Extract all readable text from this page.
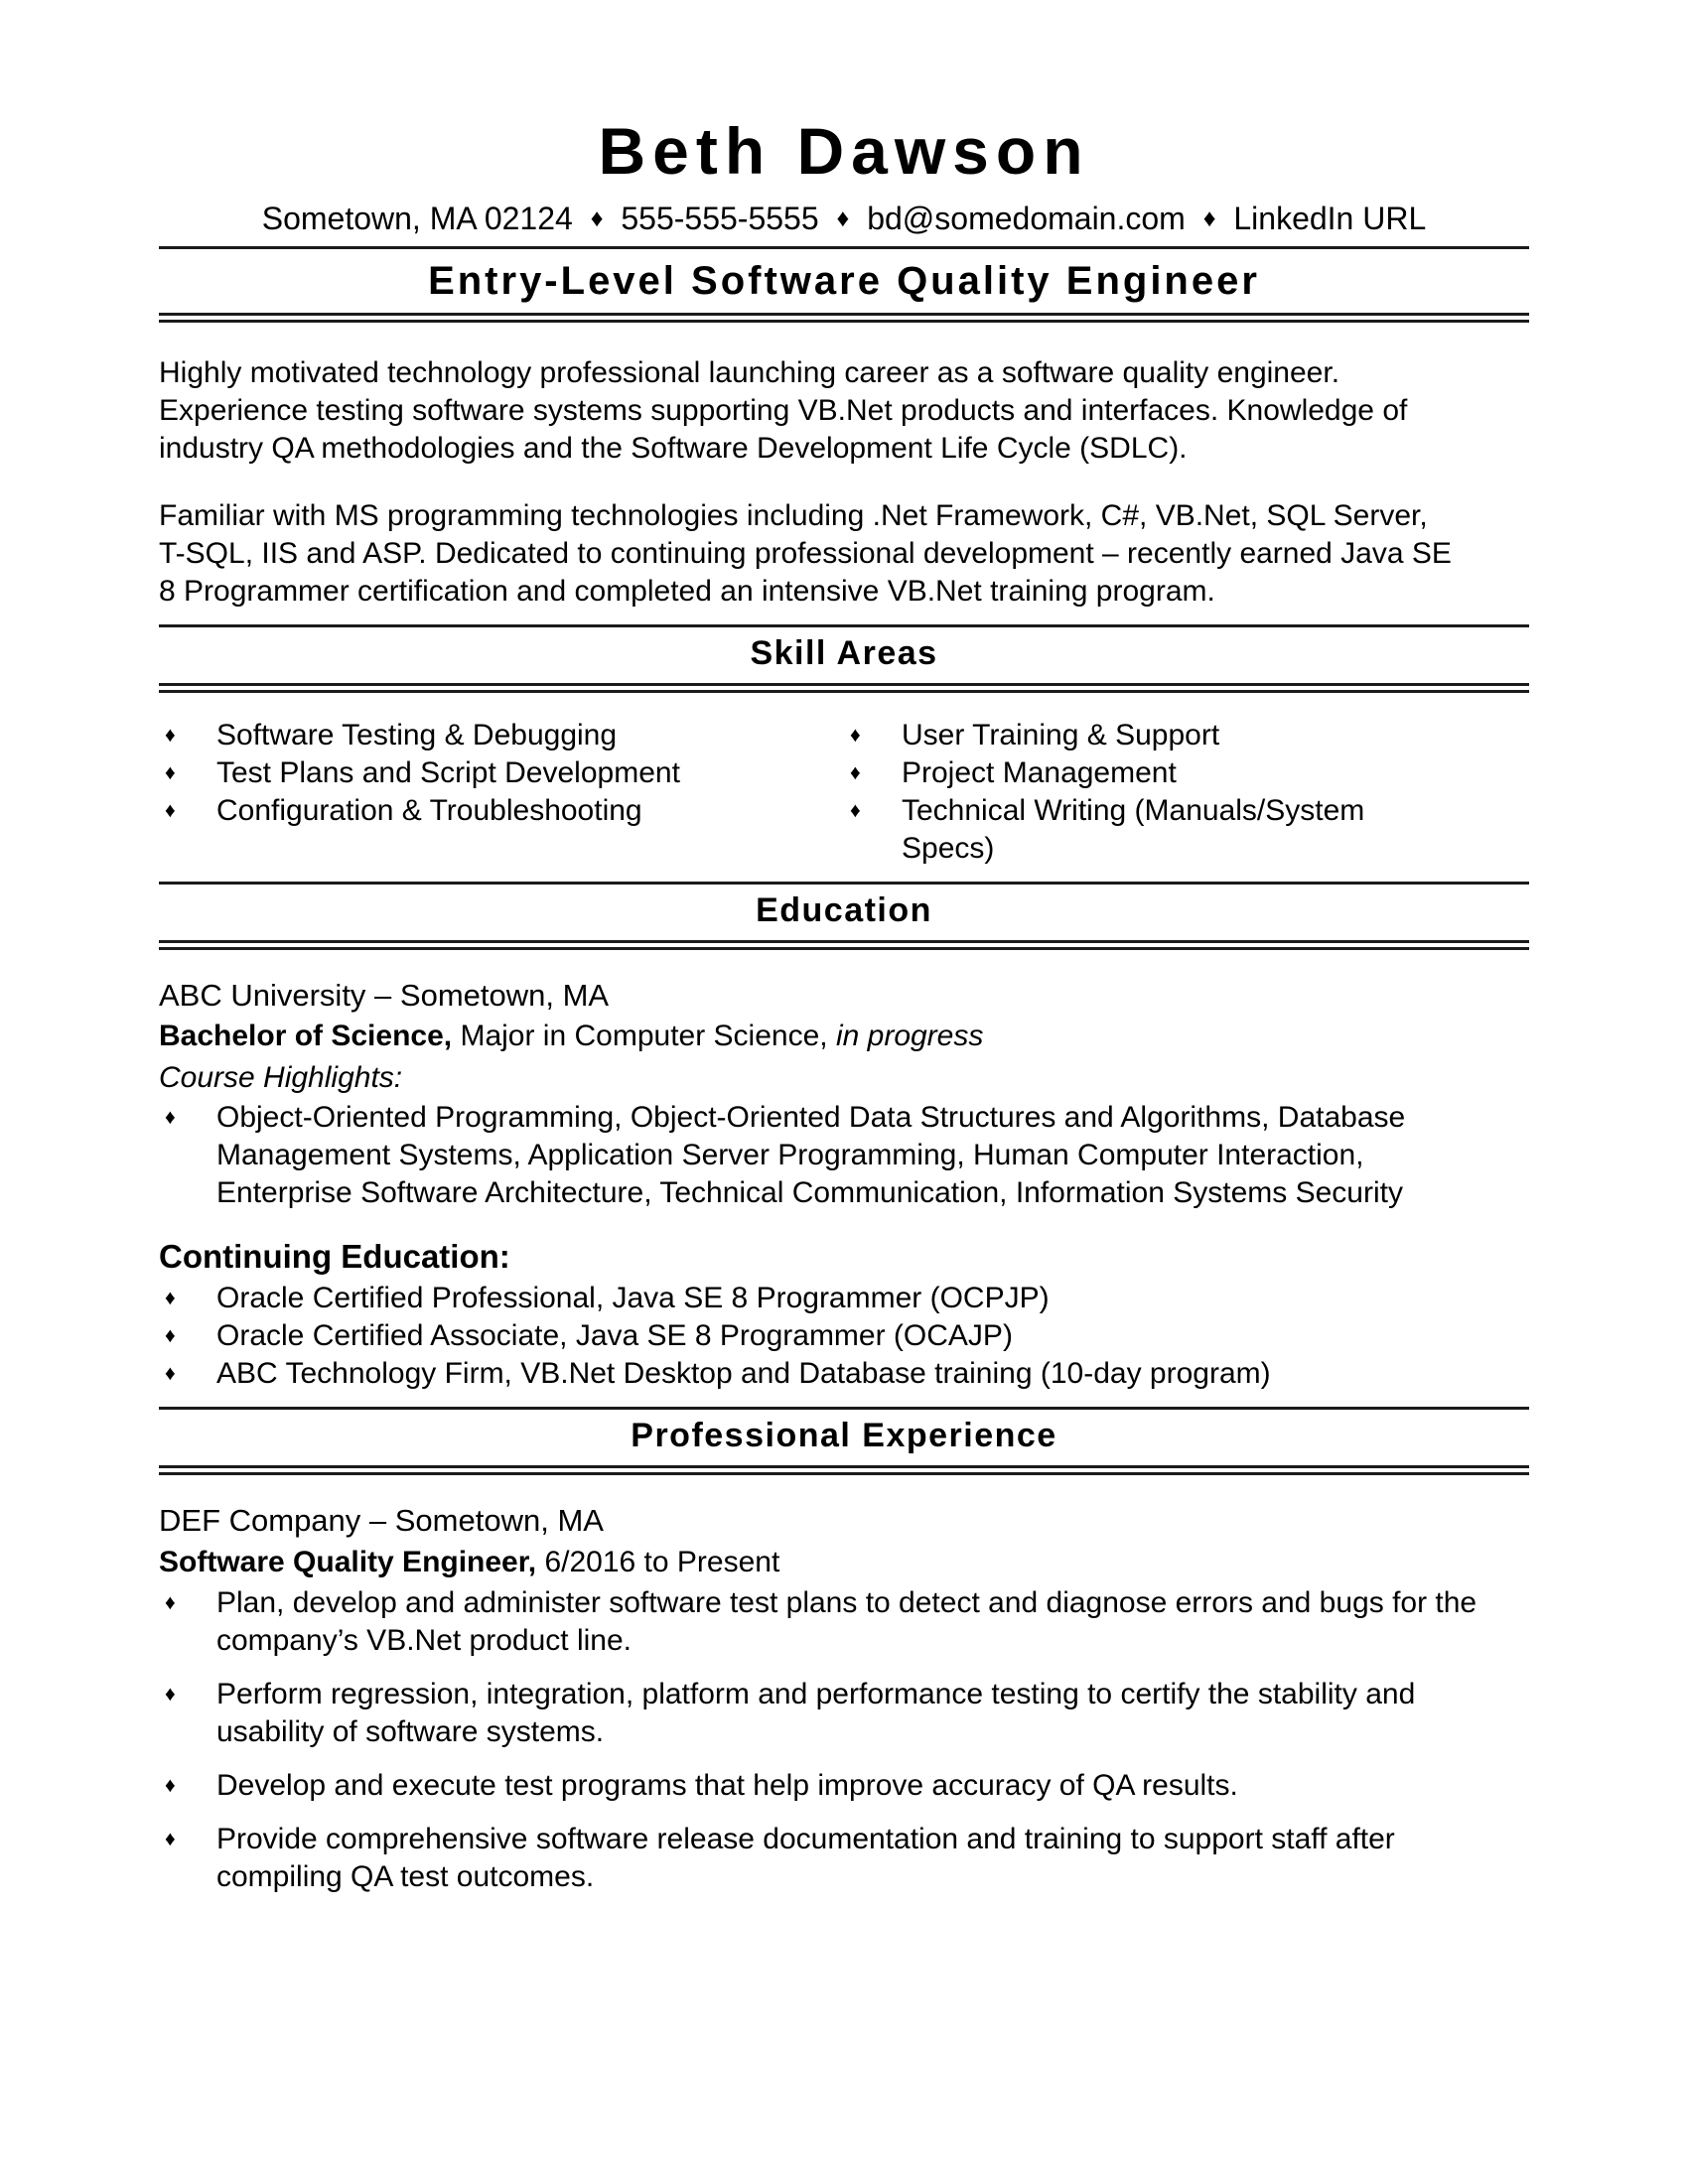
Beth Dawson
Sometown, MA 02124 ♦ 555-555-5555 ♦ bd@somedomain.com ♦ LinkedIn URL
Entry-Level Software Quality Engineer

Highly motivated technology professional launching career as a software quality engineer. Experience testing software systems supporting VB.Net products and interfaces. Knowledge of industry QA methodologies and the Software Development Life Cycle (SDLC).

Familiar with MS programming technologies including .Net Framework, C#, VB.Net, SQL Server, T-SQL, IIS and ASP. Dedicated to continuing professional development – recently earned Java SE 8 Programmer certification and completed an intensive VB.Net training program.

Skill Areas
♦ Software Testing & Debugging
♦ Test Plans and Script Development
♦ Configuration & Troubleshooting
♦ User Training & Support
♦ Project Management
♦ Technical Writing (Manuals/System Specs)
Education
ABC University – Sometown, MA
Bachelor of Science, Major in Computer Science, in progress
Course Highlights:
♦ Object-Oriented Programming, Object-Oriented Data Structures and Algorithms, Database Management Systems, Application Server Programming, Human Computer Interaction, Enterprise Software Architecture, Technical Communication, Information Systems Security
Continuing Education:
♦ Oracle Certified Professional, Java SE 8 Programmer (OCPJP)
♦ Oracle Certified Associate, Java SE 8 Programmer (OCAJP)
♦ ABC Technology Firm, VB.Net Desktop and Database training (10-day program)
Professional Experience
DEF Company – Sometown, MA
Software Quality Engineer, 6/2016 to Present
♦ Plan, develop and administer software test plans to detect and diagnose errors and bugs for the company’s VB.Net product line.
♦ Perform regression, integration, platform and performance testing to certify the stability and usability of software systems.
♦ Develop and execute test programs that help improve accuracy of QA results.
♦ Provide comprehensive software release documentation and training to support staff after compiling QA test outcomes.
